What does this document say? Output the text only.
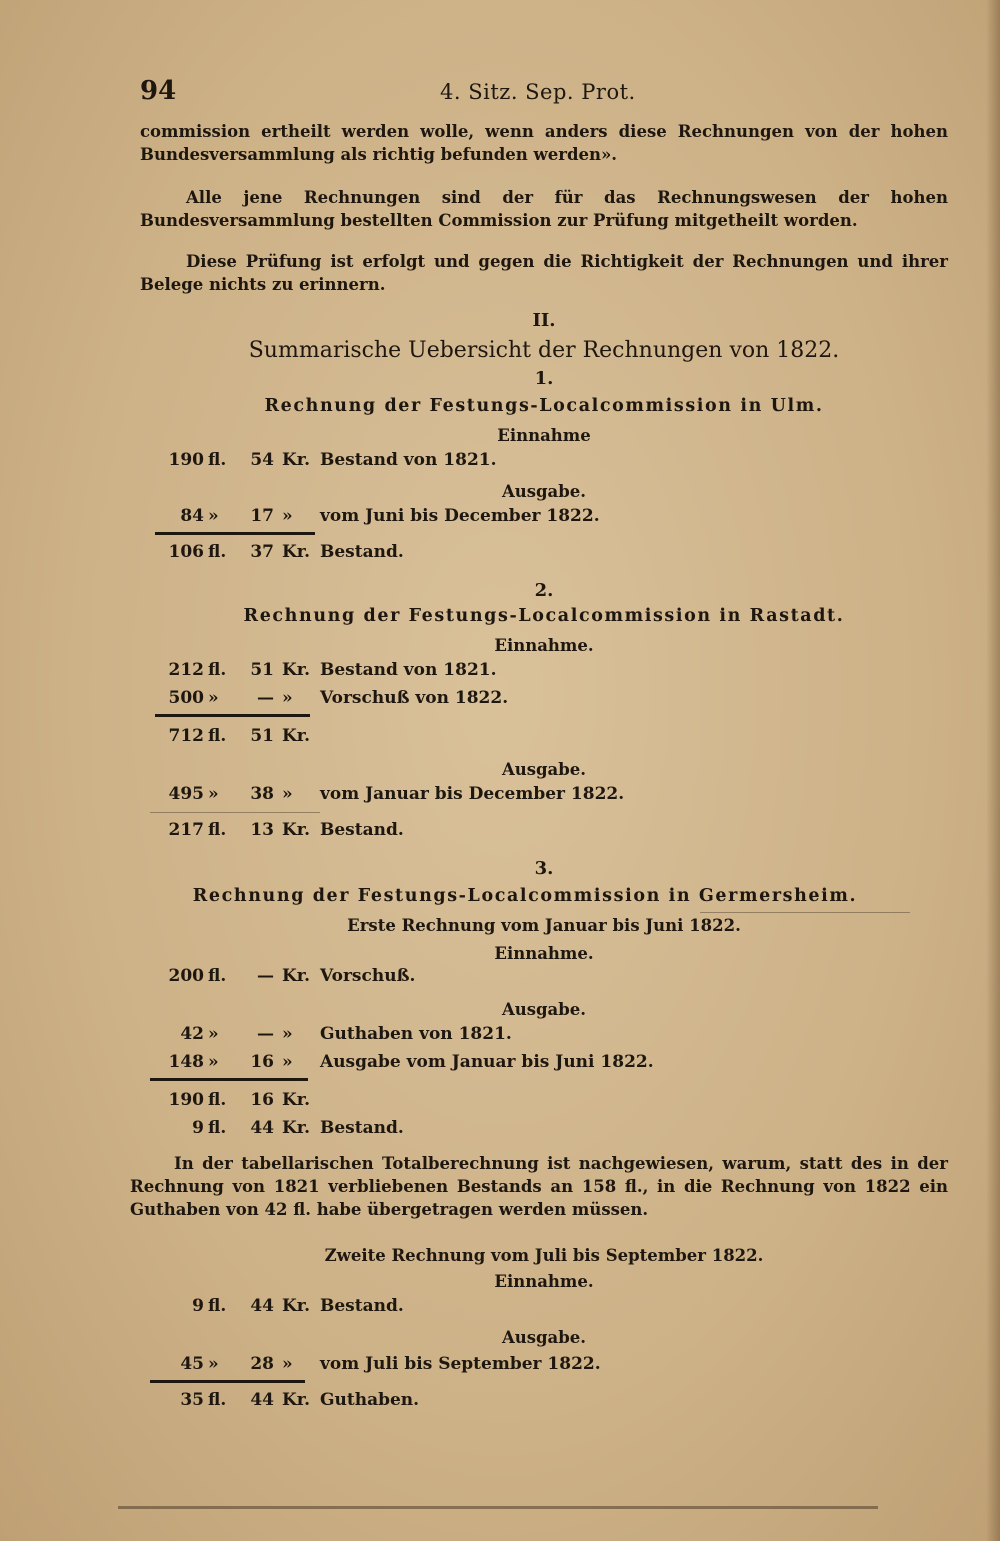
94	4. Sitz. Sep. Prot.

commission ertheilt werden wolle, wenn anders diese Rechnungen von der hohen Bundesversammlung als richtig befunden werden».

Alle jene Rechnungen sind der für das Rechnungswesen der hohen Bundesversammlung bestellten Commission zur Prüfung mitgetheilt worden.

Diese Prüfung ist erfolgt und gegen die Richtigkeit der Rechnungen und ihrer Belege nichts zu erinnern.

II.
Summarische Uebersicht der Rechnungen von 1822.
1.
Rechnung der Festungs-Localcommission in Ulm.
Einnahme
190 fl.	54 Kr. Bestand von 1821.
Ausgabe.
84 »	17 » vom Juni bis December 1822.
106 fl.	37 Kr. Bestand.
2.
Rechnung der Festungs-Localcommission in Rastadt.
Einnahme.
212 fl.	51 Kr. Bestand von 1821.
500 »	— » Vorschuß von 1822.
712 fl.	51 Kr.
Ausgabe.
495 »	38 » vom Januar bis December 1822.
217 fl.	13 Kr. Bestand.
3.
Rechnung der Festungs-Localcommission in Germersheim.
Erste Rechnung vom Januar bis Juni 1822.
Einnahme.
200 fl.	— Kr. Vorschuß.
Ausgabe.
42 »	— » Guthaben von 1821.
148 »	16 » Ausgabe vom Januar bis Juni 1822.
190 fl.	16 Kr.
9 fl.	44 Kr. Bestand.

In der tabellarischen Totalberechnung ist nachgewiesen, warum, statt des in der Rechnung von 1821 verbliebenen Bestands an 158 fl., in die Rechnung von 1822 ein Guthaben von 42 fl. habe übergetragen werden müssen.

Zweite Rechnung vom Juli bis September 1822.
Einnahme.
9 fl.	44 Kr. Bestand.
Ausgabe.
45 »	28 » vom Juli bis September 1822.
35 fl.	44 Kr. Guthaben.
